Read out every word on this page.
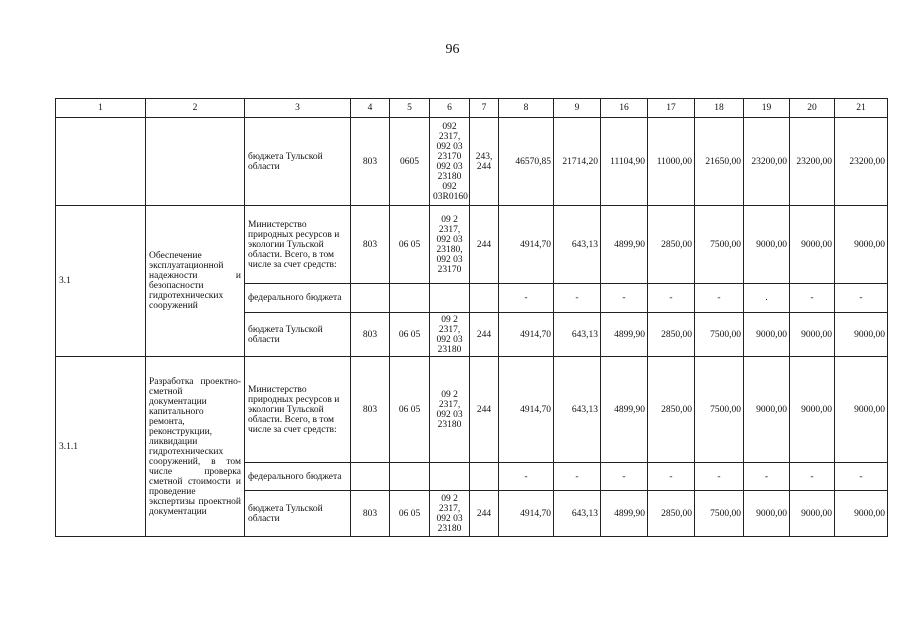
96
1	2	3	4	5	6	7	8	9	16	17	18	19	20	21
		бюджета Тульской области	803	0605	092 2317, 092 03 23170 092 03 23180 092 03R0160	243, 244	46570,85	21714,20	11104,90	11000,00	21650,00	23200,00	23200,00	23200,00
3.1	Обеспечение эксплуатационной надежности и безопасности гидротехнических сооружений	Министерство природных ресурсов и экологии Тульской области. Всего, в том числе за счет средств:	803	06 05	09 2 2317, 092 03 23180, 092 03 23170	244	4914,70	643,13	4899,90	2850,00	7500,00	9000,00	9000,00	9000,00
		федерального бюджета					-	-	-	-	-	.	-	-
		бюджета Тульской области	803	06 05	09 2 2317, 092 03 23180	244	4914,70	643,13	4899,90	2850,00	7500,00	9000,00	9000,00	9000,00
3.1.1	Разработка проектно-сметной документации капитального ремонта, реконструкции, ликвидации гидротехнических сооружений, в том числе проверка сметной стоимости и проведение экспертизы проектной документации	Министерство природных ресурсов и экологии Тульской области. Всего, в том числе за счет средств:	803	06 05	09 2 2317, 092 03 23180	244	4914,70	643,13	4899,90	2850,00	7500,00	9000,00	9000,00	9000,00
		федерального бюджета					-	-	-	-	-	-	-	-
		бюджета Тульской области	803	06 05	09 2 2317, 092 03 23180	244	4914,70	643,13	4899,90	2850,00	7500,00	9000,00	9000,00	9000,00
